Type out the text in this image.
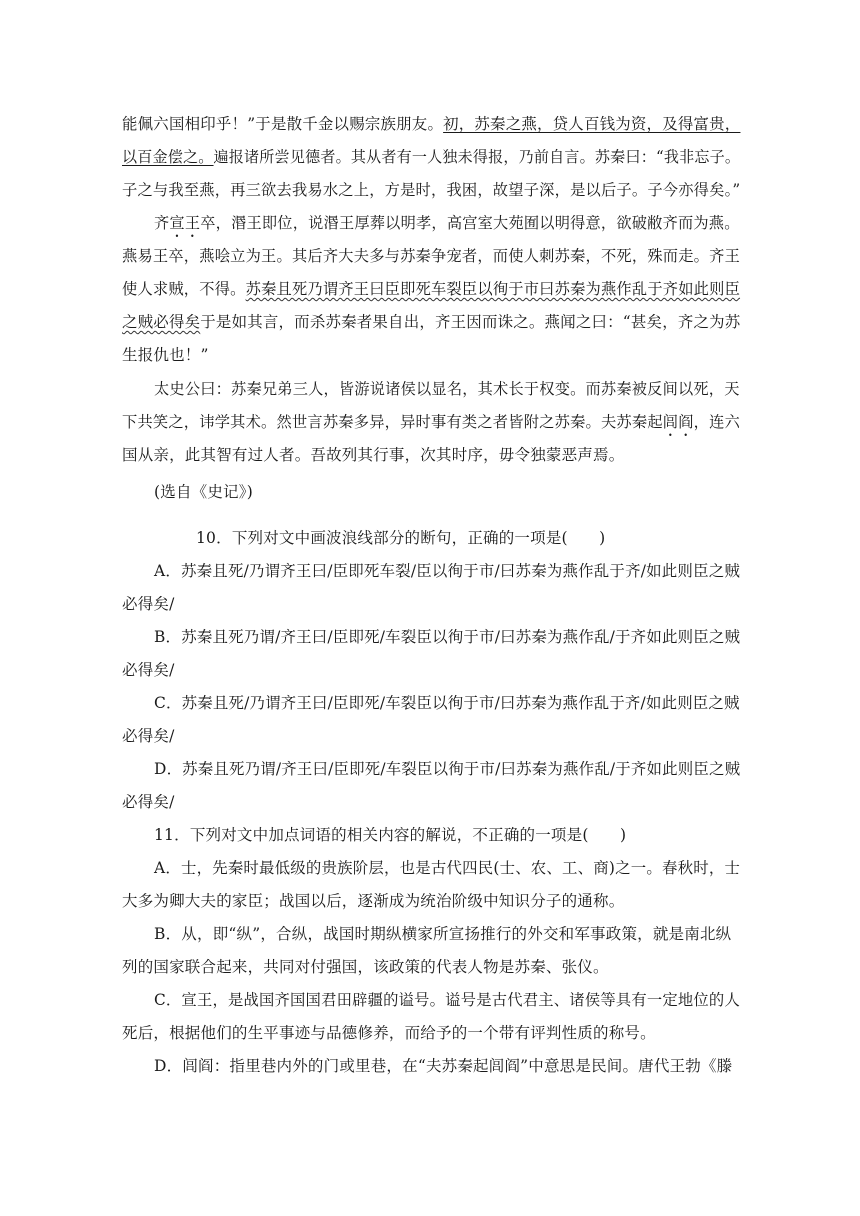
能佩六国相印乎！”于是散千金以赐宗族朋友。初，苏秦之燕，贷人百钱为资，及得富贵，
以百金偿之。遍报诸所尝见德者。其从者有一人独未得报，乃前自言。苏秦曰：“我非忘子。
子之与我至燕，再三欲去我易水之上，方是时，我困，故望子深，是以后子。子今亦得矣。”
齐宣王卒，湣王即位，说湣王厚葬以明孝，高宫室大苑囿以明得意，欲破敝齐而为燕。
燕易王卒，燕哙立为王。其后齐大夫多与苏秦争宠者，而使人刺苏秦，不死，殊而走。齐王
使人求贼，不得。苏秦且死乃谓齐王曰臣即死车裂臣以徇于市曰苏秦为燕作乱于齐如此则臣
之贼必得矣于是如其言，而杀苏秦者果自出，齐王因而诛之。燕闻之曰：“甚矣，齐之为苏
生报仇也！”
太史公曰：苏秦兄弟三人，皆游说诸侯以显名，其术长于权变。而苏秦被反间以死，天
下共笑之，讳学其术。然世言苏秦多异，异时事有类之者皆附之苏秦。夫苏秦起闾阎，连六
国从亲，此其智有过人者。吾故列其行事，次其时序，毋令独蒙恶声焉。
(选自《史记》)
10．下列对文中画波浪线部分的断句，正确的一项是(　　)
A．苏秦且死/乃谓齐王曰/臣即死车裂/臣以徇于市/曰苏秦为燕作乱于齐/如此则臣之贼
必得矣/
B．苏秦且死乃谓/齐王曰/臣即死/车裂臣以徇于市/曰苏秦为燕作乱/于齐如此则臣之贼
必得矣/
C．苏秦且死/乃谓齐王曰/臣即死/车裂臣以徇于市/曰苏秦为燕作乱于齐/如此则臣之贼
必得矣/
D．苏秦且死乃谓/齐王曰/臣即死/车裂臣以徇于市/曰苏秦为燕作乱/于齐如此则臣之贼
必得矣/
11．下列对文中加点词语的相关内容的解说，不正确的一项是(　　)
A．士，先秦时最低级的贵族阶层，也是古代四民(士、农、工、商)之一。春秋时，士
大多为卿大夫的家臣；战国以后，逐渐成为统治阶级中知识分子的通称。
B．从，即“纵”，合纵，战国时期纵横家所宣扬推行的外交和军事政策，就是南北纵
列的国家联合起来，共同对付强国，该政策的代表人物是苏秦、张仪。
C．宣王，是战国齐国国君田辟疆的谥号。谥号是古代君主、诸侯等具有一定地位的人
死后，根据他们的生平事迹与品德修养，而给予的一个带有评判性质的称号。
D．闾阎：指里巷内外的门或里巷，在“夫苏秦起闾阎”中意思是民间。唐代王勃《滕
